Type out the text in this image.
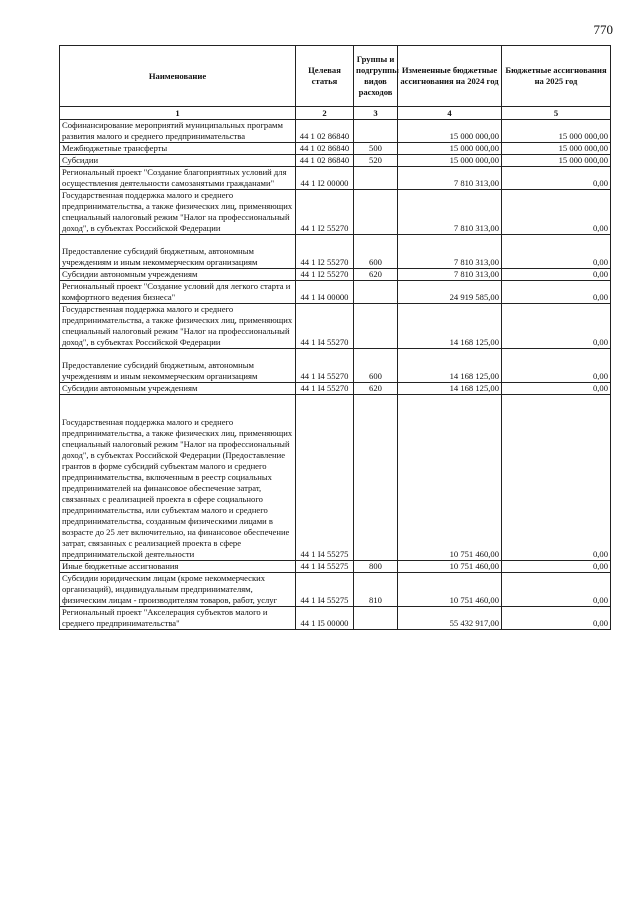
770
Наименование	Целевая статья	Группы и подгруппы видов расходов	Измененные бюджетные ассигнования на 2024 год	Бюджетные ассигнования на 2025 год
1	2	3	4	5
Софинансирование мероприятий муниципальных программ развития малого и среднего предпринимательства	44 1 02 86840		15 000 000,00	15 000 000,00
Межбюджетные трансферты	44 1 02 86840	500	15 000 000,00	15 000 000,00
Субсидии	44 1 02 86840	520	15 000 000,00	15 000 000,00
Региональный проект "Создание благоприятных условий для осуществления деятельности самозанятыми гражданами"	44 1 I2 00000		7 810 313,00	0,00
Государственная поддержка малого и среднего предпринимательства, а также физических лиц, применяющих специальный налоговый режим "Налог на профессиональный доход", в субъектах Российской Федерации	44 1 I2 55270		7 810 313,00	0,00
Предоставление субсидий бюджетным, автономным учреждениям и иным некоммерческим организациям	44 1 I2 55270	600	7 810 313,00	0,00
Субсидии автономным учреждениям	44 1 I2 55270	620	7 810 313,00	0,00
Региональный проект "Создание условий для легкого старта и комфортного ведения бизнеса"	44 1 I4 00000		24 919 585,00	0,00
Государственная поддержка малого и среднего предпринимательства, а также физических лиц, применяющих специальный налоговый режим "Налог на профессиональный доход", в субъектах Российской Федерации	44 1 I4 55270		14 168 125,00	0,00
Предоставление субсидий бюджетным, автономным учреждениям и иным некоммерческим организациям	44 1 I4 55270	600	14 168 125,00	0,00
Субсидии автономным учреждениям	44 1 I4 55270	620	14 168 125,00	0,00
Государственная поддержка малого и среднего предпринимательства, а также физических лиц, применяющих специальный налоговый режим "Налог на профессиональный доход", в субъектах Российской Федерации (Предоставление грантов в форме субсидий субъектам малого и среднего предпринимательства, включенным в реестр социальных предпринимателей на финансовое обеспечение затрат, связанных с реализацией проекта в сфере социального предпринимательства, или субъектам малого и среднего предпринимательства, созданным физическими лицами в возрасте до 25 лет включительно, на финансовое обеспечение затрат, связанных с реализацией проекта в сфере предпринимательской деятельности	44 1 I4 55275		10 751 460,00	0,00
Иные бюджетные ассигнования	44 1 I4 55275	800	10 751 460,00	0,00
Субсидии юридическим лицам (кроме некоммерческих организаций), индивидуальным предпринимателям, физическим лицам - производителям товаров, работ, услуг	44 1 I4 55275	810	10 751 460,00	0,00
Региональный проект "Акселерация субъектов малого и среднего предпринимательства"	44 1 I5 00000		55 432 917,00	0,00
